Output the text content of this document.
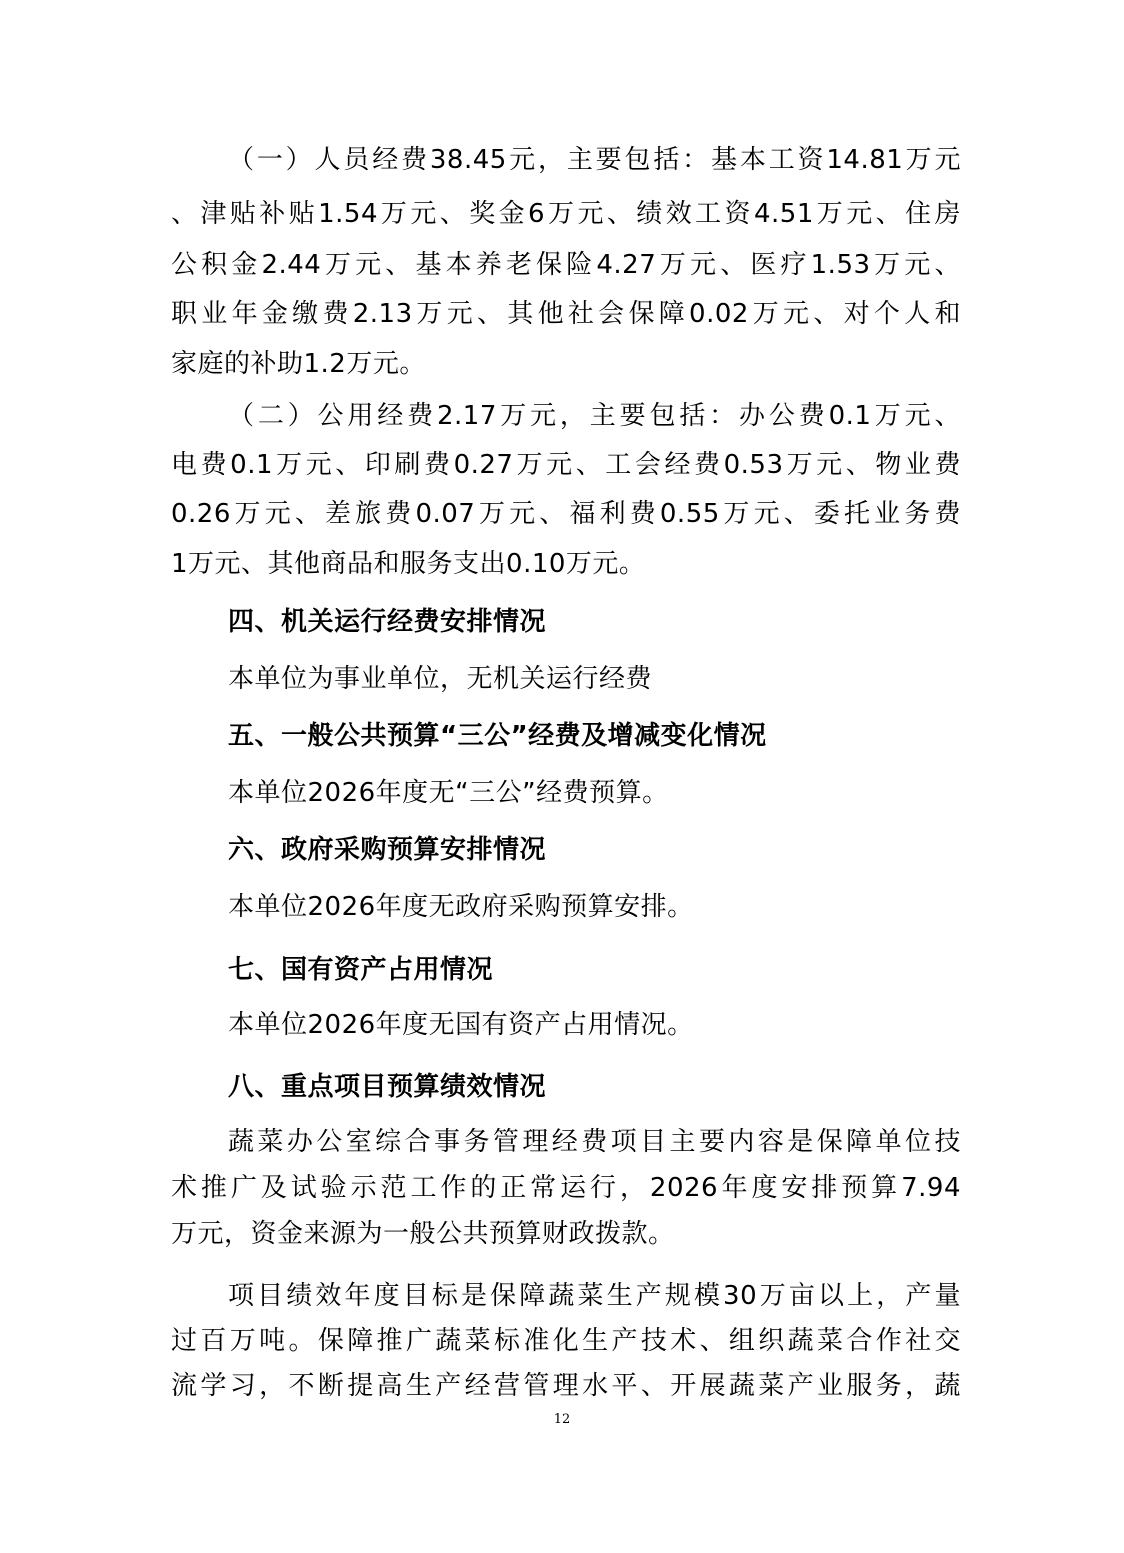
（一）人员经费38.45元，主要包括：基本工资14.81万元
、津贴补贴1.54万元、奖金6万元、绩效工资4.51万元、住房
公积金2.44万元、基本养老保险4.27万元、医疗1.53万元、
职业年金缴费2.13万元、其他社会保障0.02万元、对个人和
家庭的补助1.2万元。
（二）公用经费2.17万元，主要包括：办公费0.1万元、
电费0.1万元、印刷费0.27万元、工会经费0.53万元、物业费
0.26万元、差旅费0.07万元、福利费0.55万元、委托业务费
1万元、其他商品和服务支出0.10万元。
四、机关运行经费安排情况
本单位为事业单位，无机关运行经费
五、一般公共预算“三公”经费及增减变化情况
本单位2026年度无“三公”经费预算。
六、政府采购预算安排情况
本单位2026年度无政府采购预算安排。
七、国有资产占用情况
本单位2026年度无国有资产占用情况。
八、重点项目预算绩效情况
蔬菜办公室综合事务管理经费项目主要内容是保障单位技
术推广及试验示范工作的正常运行，2026年度安排预算7.94
万元，资金来源为一般公共预算财政拨款。
项目绩效年度目标是保障蔬菜生产规模30万亩以上，产量
过百万吨。保障推广蔬菜标准化生产技术、组织蔬菜合作社交
流学习，不断提高生产经营管理水平、开展蔬菜产业服务，蔬
12
